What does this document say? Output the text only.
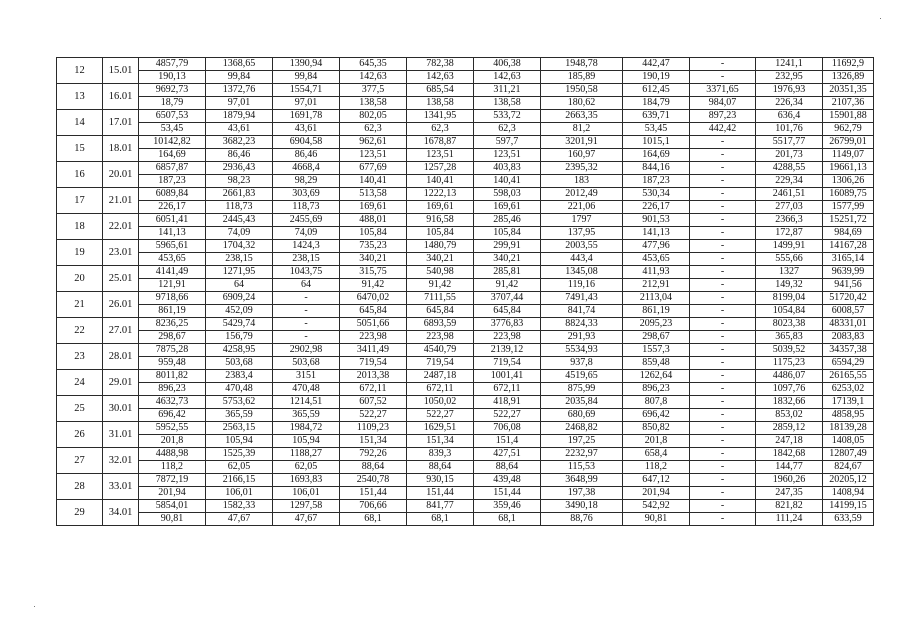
12	15.01	4857,79	1368,65	1390,94	645,35	782,38	406,38	1948,78	442,47	-	1241,1	11692,9
		190,13	99,84	99,84	142,63	142,63	142,63	185,89	190,19	-	232,95	1326,89
13	16.01	9692,73	1372,76	1554,71	377,5	685,54	311,21	1950,58	612,45	3371,65	1976,93	20351,35
		18,79	97,01	97,01	138,58	138,58	138,58	180,62	184,79	984,07	226,34	2107,36
14	17.01	6507,53	1879,94	1691,78	802,05	1341,95	533,72	2663,35	639,71	897,23	636,4	15901,88
		53,45	43,61	43,61	62,3	62,3	62,3	81,2	53,45	442,42	101,76	962,79
15	18.01	10142,82	3682,23	6904,58	962,61	1678,87	597,7	3201,91	1015,1	-	5517,77	26799,01
		164,69	86,46	86,46	123,51	123,51	123,51	160,97	164,69	-	201,73	1149,07
16	20.01	6857,87	2936,43	4668,4	677,69	1257,28	403,83	2395,32	844,16	-	4288,55	19661,13
		187,23	98,23	98,29	140,41	140,41	140,41	183	187,23	-	229,34	1306,26
17	21.01	6089,84	2661,83	303,69	513,58	1222,13	598,03	2012,49	530,34	-	2461,51	16089,75
		226,17	118,73	118,73	169,61	169,61	169,61	221,06	226,17	-	277,03	1577,99
18	22.01	6051,41	2445,43	2455,69	488,01	916,58	285,46	1797	901,53	-	2366,3	15251,72
		141,13	74,09	74,09	105,84	105,84	105,84	137,95	141,13	-	172,87	984,69
19	23.01	5965,61	1704,32	1424,3	735,23	1480,79	299,91	2003,55	477,96	-	1499,91	14167,28
		453,65	238,15	238,15	340,21	340,21	340,21	443,4	453,65	-	555,66	3165,14
20	25.01	4141,49	1271,95	1043,75	315,75	540,98	285,81	1345,08	411,93	-	1327	9639,99
		121,91	64	64	91,42	91,42	91,42	119,16	212,91	-	149,32	941,56
21	26.01	9718,66	6909,24	-	6470,02	7111,55	3707,44	7491,43	2113,04	-	8199,04	51720,42
		861,19	452,09	-	645,84	645,84	645,84	841,74	861,19	-	1054,84	6008,57
22	27.01	8236,25	5429,74	-	5051,66	6893,59	3776,83	8824,33	2095,23	-	8023,38	48331,01
		298,67	156,79	-	223,98	223,98	223,98	291,93	298,67	-	365,83	2083,83
23	28.01	7875,28	4258,95	2902,98	3411,49	4540,79	2139,12	5534,93	1557,3	-	5039,52	34357,38
		959,48	503,68	503,68	719,54	719,54	719,54	937,8	859,48	-	1175,23	6594,29
24	29.01	8011,82	2383,4	3151	2013,38	2487,18	1001,41	4519,65	1262,64	-	4486,07	26165,55
		896,23	470,48	470,48	672,11	672,11	672,11	875,99	896,23	-	1097,76	6253,02
25	30.01	4632,73	5753,62	1214,51	607,52	1050,02	418,91	2035,84	807,8	-	1832,66	17139,1
		696,42	365,59	365,59	522,27	522,27	522,27	680,69	696,42	-	853,02	4858,95
26	31.01	5952,55	2563,15	1984,72	1109,23	1629,51	706,08	2468,82	850,82	-	2859,12	18139,28
		201,8	105,94	105,94	151,34	151,34	151,4	197,25	201,8	-	247,18	1408,05
27	32.01	4488,98	1525,39	1188,27	792,26	839,3	427,51	2232,97	658,4	-	1842,68	12807,49
		118,2	62,05	62,05	88,64	88,64	88,64	115,53	118,2	-	144,77	824,67
28	33.01	7872,19	2166,15	1693,83	2540,78	930,15	439,48	3648,99	647,12	-	1960,26	20205,12
		201,94	106,01	106,01	151,44	151,44	151,44	197,38	201,94	-	247,35	1408,94
29	34.01	5854,01	1582,33	1297,58	706,66	841,77	359,46	3490,18	542,92	-	821,82	14199,15
		90,81	47,67	47,67	68,1	68,1	68,1	88,76	90,81	-	111,24	633,59
